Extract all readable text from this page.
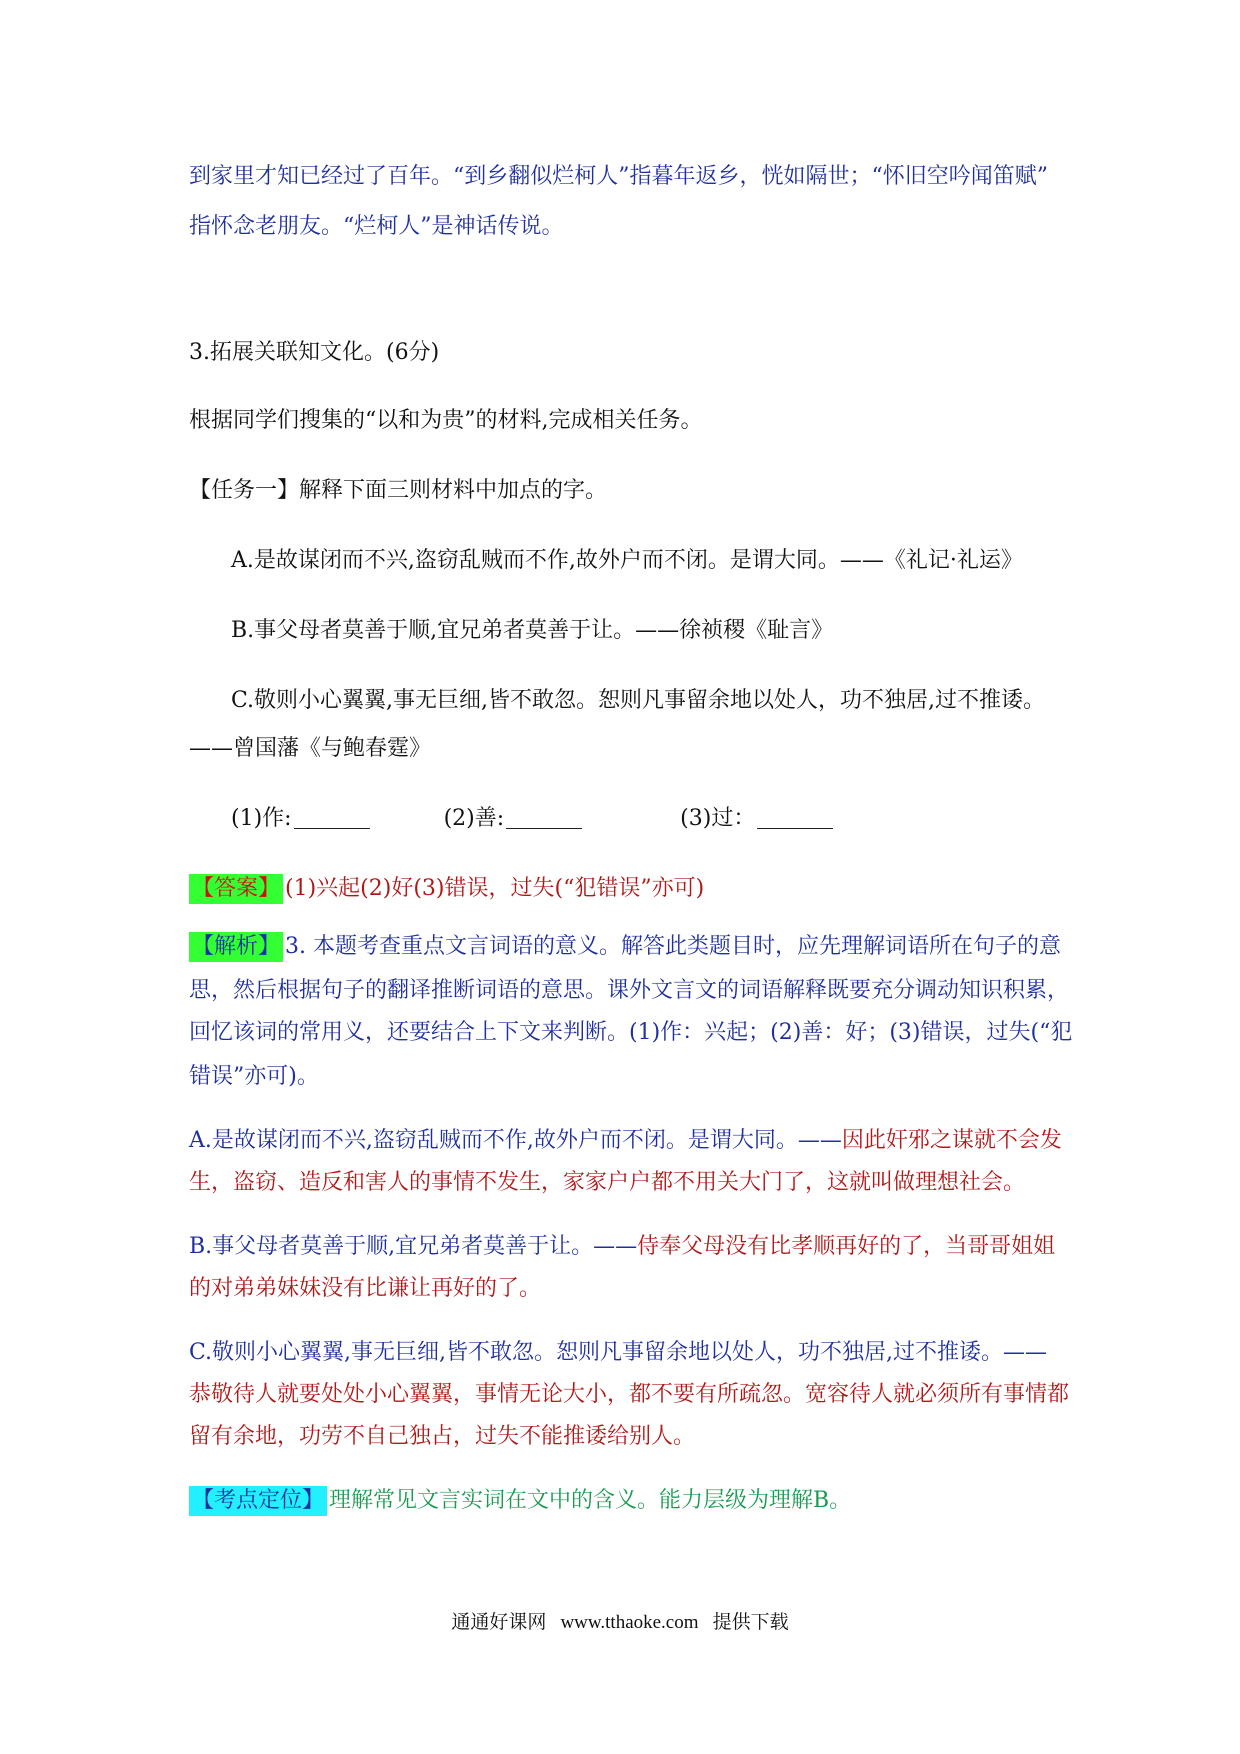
到家里才知已经过了百年。“到乡翻似烂柯人”指暮年返乡，恍如隔世；“怀旧空吟闻笛赋”
指怀念老朋友。“烂柯人”是神话传说。
3.拓展关联知文化。(6分)
根据同学们搜集的“以和为贵”的材料,完成相关任务。
【任务一】解释下面三则材料中加点的字。
A.是故谋闭而不兴,盗窃乱贼而不作,故外户而不闭。是谓大同。——《礼记·礼运》
B.事父母者莫善于顺,宜兄弟者莫善于让。——徐祯稷《耻言》
C.敬则小心翼翼,事无巨细,皆不敢忽。恕则凡事留余地以处人，功不独居,过不推诿。
——曾国藩《与鲍春霆》
(1)作:	(2)善:	(3)过：
【答案】 (1)兴起(2)好(3)错误，过失(“犯错误”亦可)
【解析】 3. 本题考查重点文言词语的意义。解答此类题目时，应先理解词语所在句子的意
思，然后根据句子的翻译推断词语的意思。课外文言文的词语解释既要充分调动知识积累，
回忆该词的常用义，还要结合上下文来判断。(1)作：兴起；(2)善：好；(3)错误，过失(“犯
错误”亦可)。
A.是故谋闭而不兴,盗窃乱贼而不作,故外户而不闭。是谓大同。——因此奸邪之谋就不会发
生，盗窃、造反和害人的事情不发生，家家户户都不用关大门了，这就叫做理想社会。
B.事父母者莫善于顺,宜兄弟者莫善于让。——侍奉父母没有比孝顺再好的了，当哥哥姐姐
的对弟弟妹妹没有比谦让再好的了。
C.敬则小心翼翼,事无巨细,皆不敢忽。恕则凡事留余地以处人，功不独居,过不推诿。——
恭敬待人就要处处小心翼翼，事情无论大小，都不要有所疏忽。宽容待人就必须所有事情都
留有余地，功劳不自己独占，过失不能推诿给别人。
【考点定位】 理解常见文言实词在文中的含义。能力层级为理解B。
通通好课网 www.tthaoke.com 提供下载
